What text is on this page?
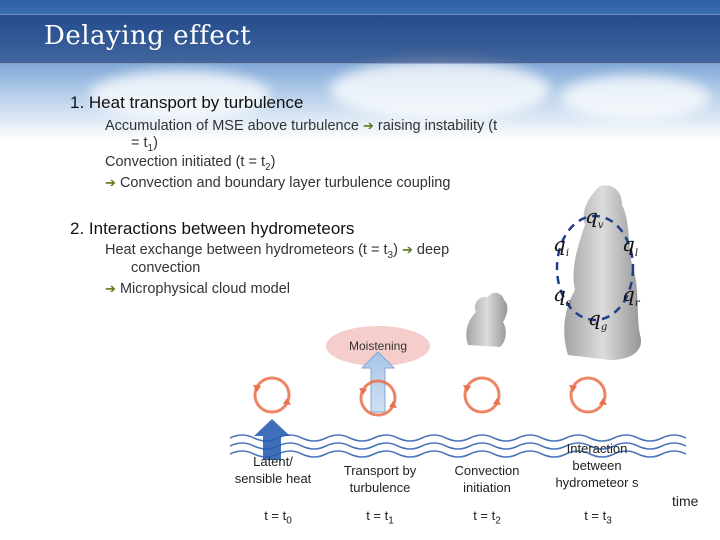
Delaying effect
1. Heat transport by turbulence
Accumulation of MSE above turbulence ➔ raising instability (t
= $t_1$)
Convection initiated $(t = t_2)$
➔ Convection and boundary layer turbulence coupling
2. Interactions between hydrometeors
Heat exchange between hydrometeors $(t = t_3)$ ➔ deep
convection
➔ Microphysical cloud model
$q_v$
$q_i$	$q_l$
$q_s$	$q_r$
$q_g$
Moistening
Latent/ sensible heat
Transport by turbulence
Convection initiation
Interaction between hydrometeor s
$t = t_0$	$t = t_1$	$t = t_2$	$t = t_3$
time
